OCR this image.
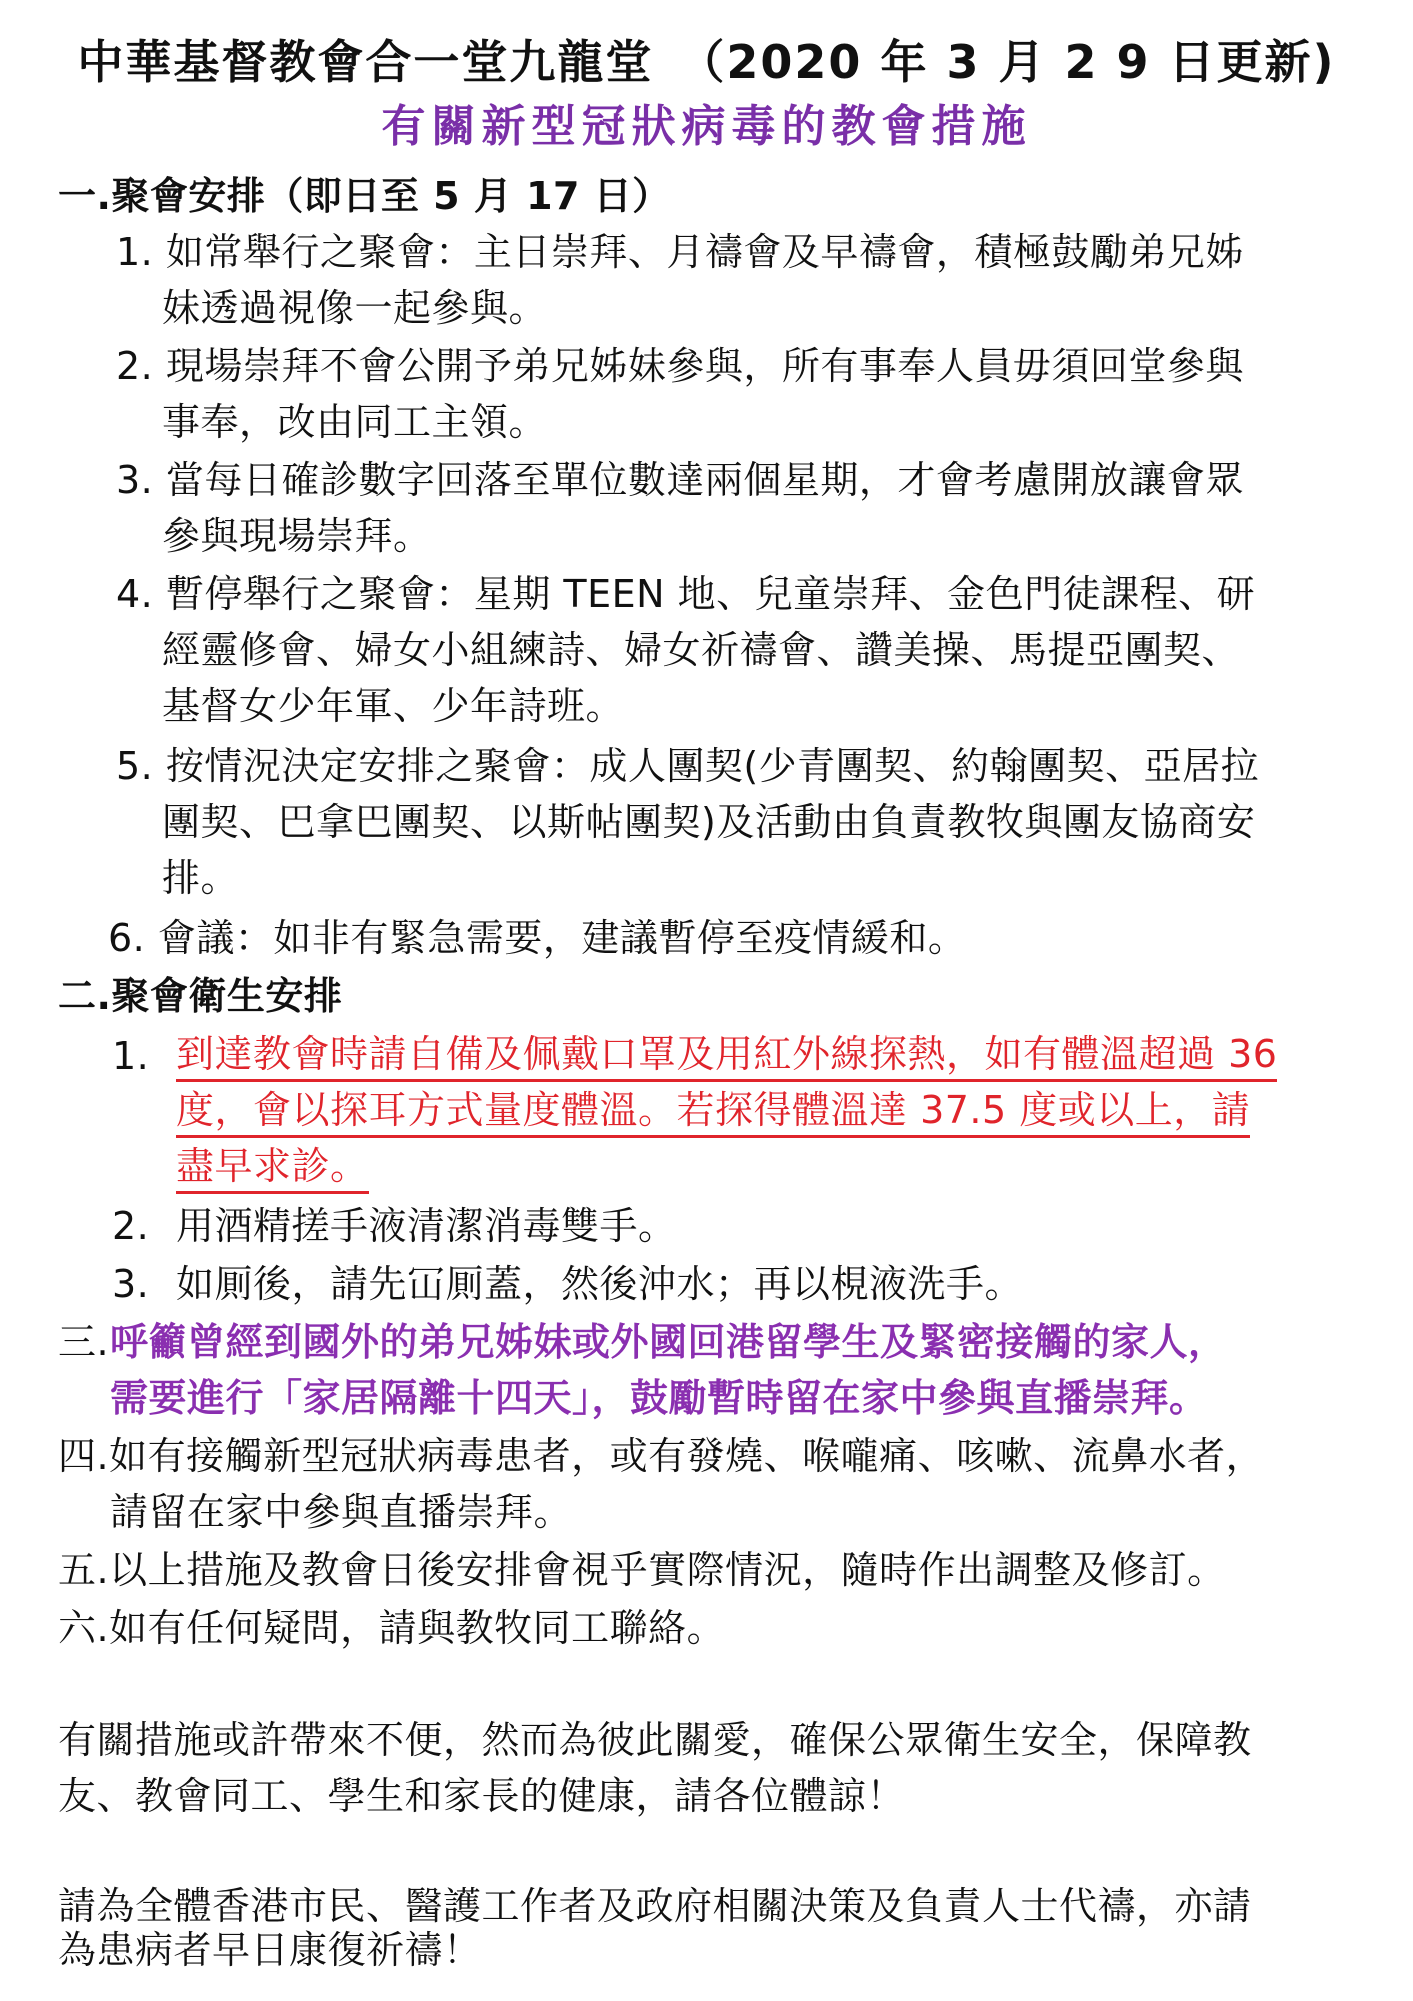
中華基督教會合一堂九龍堂　（2020 年 3 月 2 9 日更新)
有關新型冠狀病毒的教會措施
一.聚會安排（即日至 5 月 17 日）
1. 如常舉行之聚會：主日崇拜、月禱會及早禱會，積極鼓勵弟兄姊
妹透過視像一起參與。
2. 現場崇拜不會公開予弟兄姊妹參與，所有事奉人員毋須回堂參與
事奉，改由同工主領。
3. 當每日確診數字回落至單位數達兩個星期，才會考慮開放讓會眾
參與現場崇拜。
4. 暫停舉行之聚會：星期 TEEN 地、兒童崇拜、金色門徒課程、研
經靈修會、婦女小組練詩、婦女祈禱會、讚美操、馬提亞團契、
基督女少年軍、少年詩班。
5. 按情況決定安排之聚會：成人團契(少青團契、約翰團契、亞居拉
團契、巴拿巴團契、以斯帖團契)及活動由負責教牧與團友協商安
排。
6. 會議：如非有緊急需要，建議暫停至疫情緩和。
二.聚會衛生安排
1. 到達教會時請自備及佩戴口罩及用紅外線探熱，如有體溫超過 36
度，會以探耳方式量度體溫。若探得體溫達 37.5 度或以上，請
盡早求診。
2. 用酒精搓手液清潔消毒雙手。
3. 如厠後，請先冚厠蓋，然後沖水；再以梘液洗手。
三. 呼籲曾經到國外的弟兄姊妹或外國回港留學生及緊密接觸的家人，
需要進行「家居隔離十四天」，鼓勵暫時留在家中參與直播崇拜。
四.如有接觸新型冠狀病毒患者，或有發燒、喉嚨痛、咳嗽、流鼻水者，
請留在家中參與直播崇拜。
五.以上措施及教會日後安排會視乎實際情況，隨時作出調整及修訂。
六.如有任何疑問，請與教牧同工聯絡。
有關措施或許帶來不便，然而為彼此關愛，確保公眾衛生安全，保障教
友、教會同工、學生和家長的健康，請各位體諒！
請為全體香港市民、醫護工作者及政府相關決策及負責人士代禱，亦請
為患病者早日康復祈禱！
